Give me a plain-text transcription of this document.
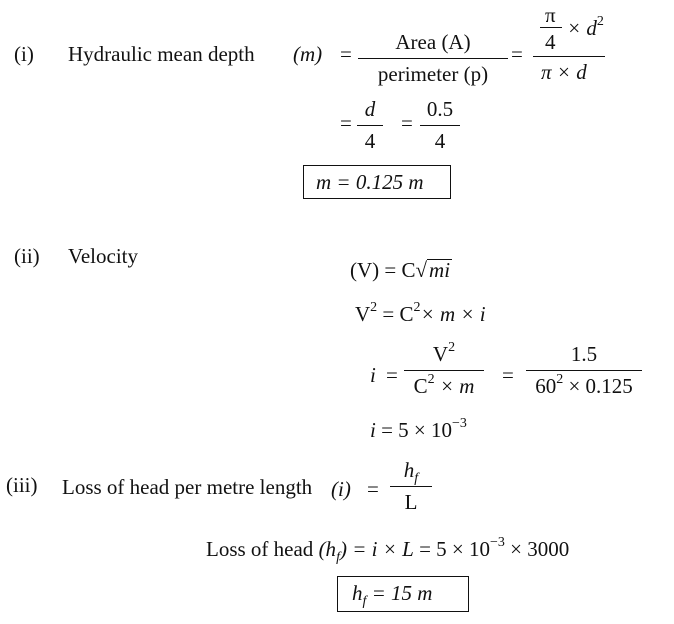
(i) Hydraulic mean depth (m) =	Area (A)
perimeter (p)
=
π
4
× $d^2$
π × d
=
d
4
=
0.5
4
m = 0.125 m
(ii) Velocity
(V) = C√mi
$V^2 = C^2\times m \times i$
i =
$V^2$
$C^2 \times m$	=
1.5
$60^2 \times 0.125$
$i = 5 \times 10^{-3}$
(iii) Loss of head per metre length (i) =
$h_f$
L
Loss of head $(h_f) = i \times L = 5 \times 10^{-3} \times 3000$
$h_f = 15$ m
